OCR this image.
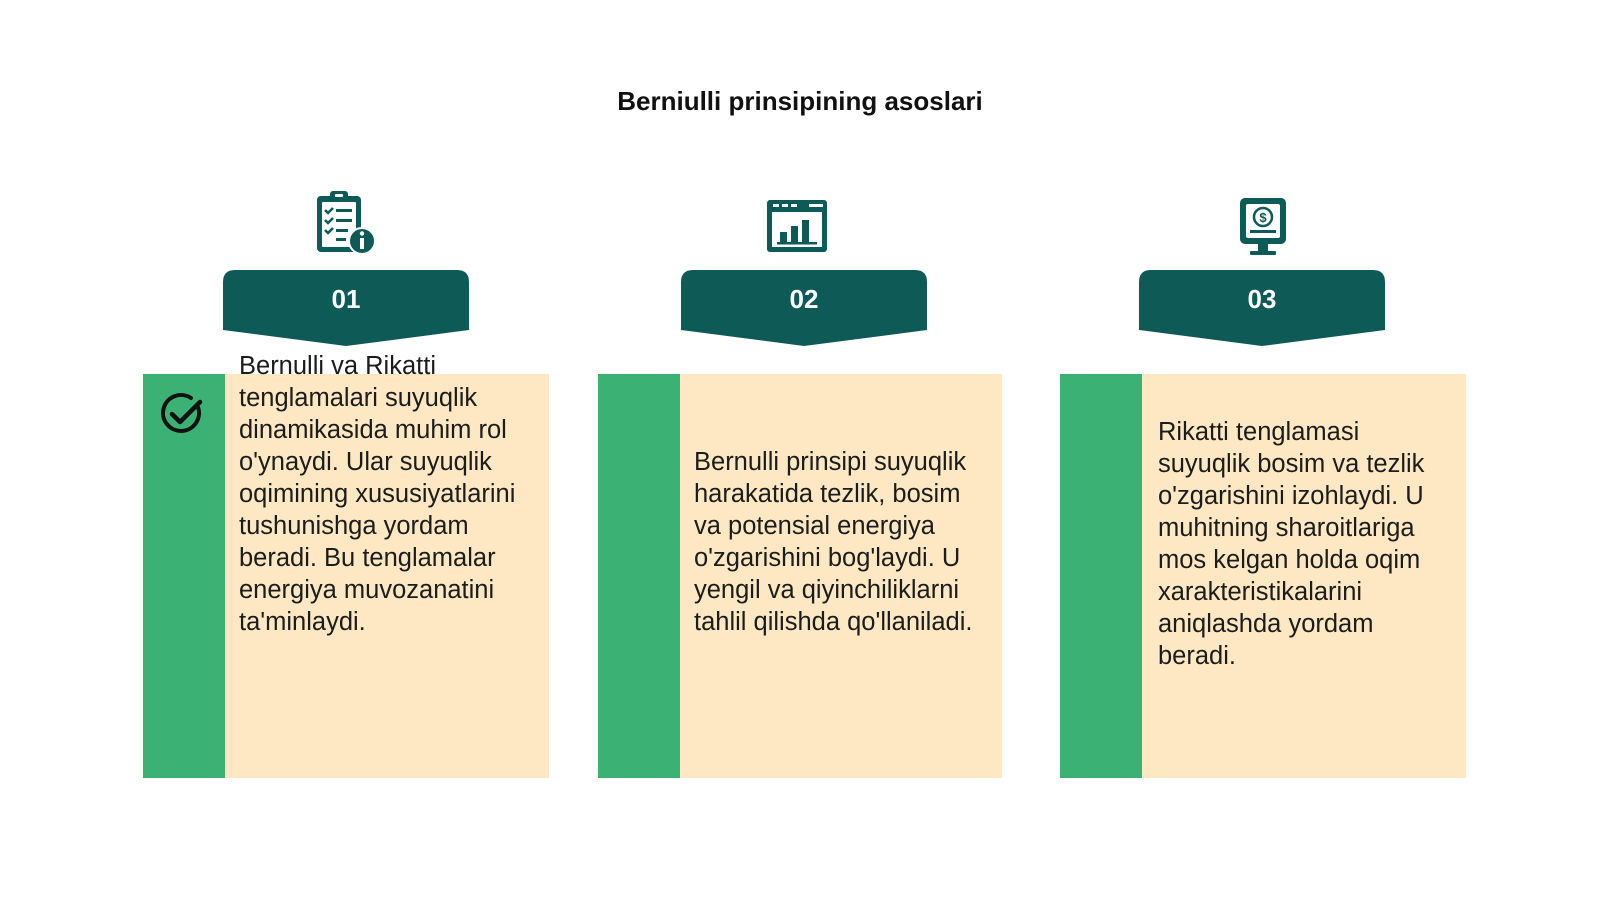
Berniulli prinsipining asoslari
01
Bernulli va Rikatti tenglamalari suyuqlik dinamikasida muhim rol o'ynaydi. Ular suyuqlik oqimining xususiyatlarini tushunishga yordam beradi. Bu tenglamalar energiya muvozanatini ta'minlaydi.
02
Bernulli prinsipi suyuqlik harakatida tezlik, bosim va potensial energiya o'zgarishini bog'laydi. U yengil va qiyinchiliklarni tahlil qilishda qo'llaniladi.
$
03
Rikatti tenglamasi suyuqlik bosim va tezlik o'zgarishini izohlaydi. U muhitning sharoitlariga mos kelgan holda oqim xarakteristikalarini aniqlashda yordam beradi.
